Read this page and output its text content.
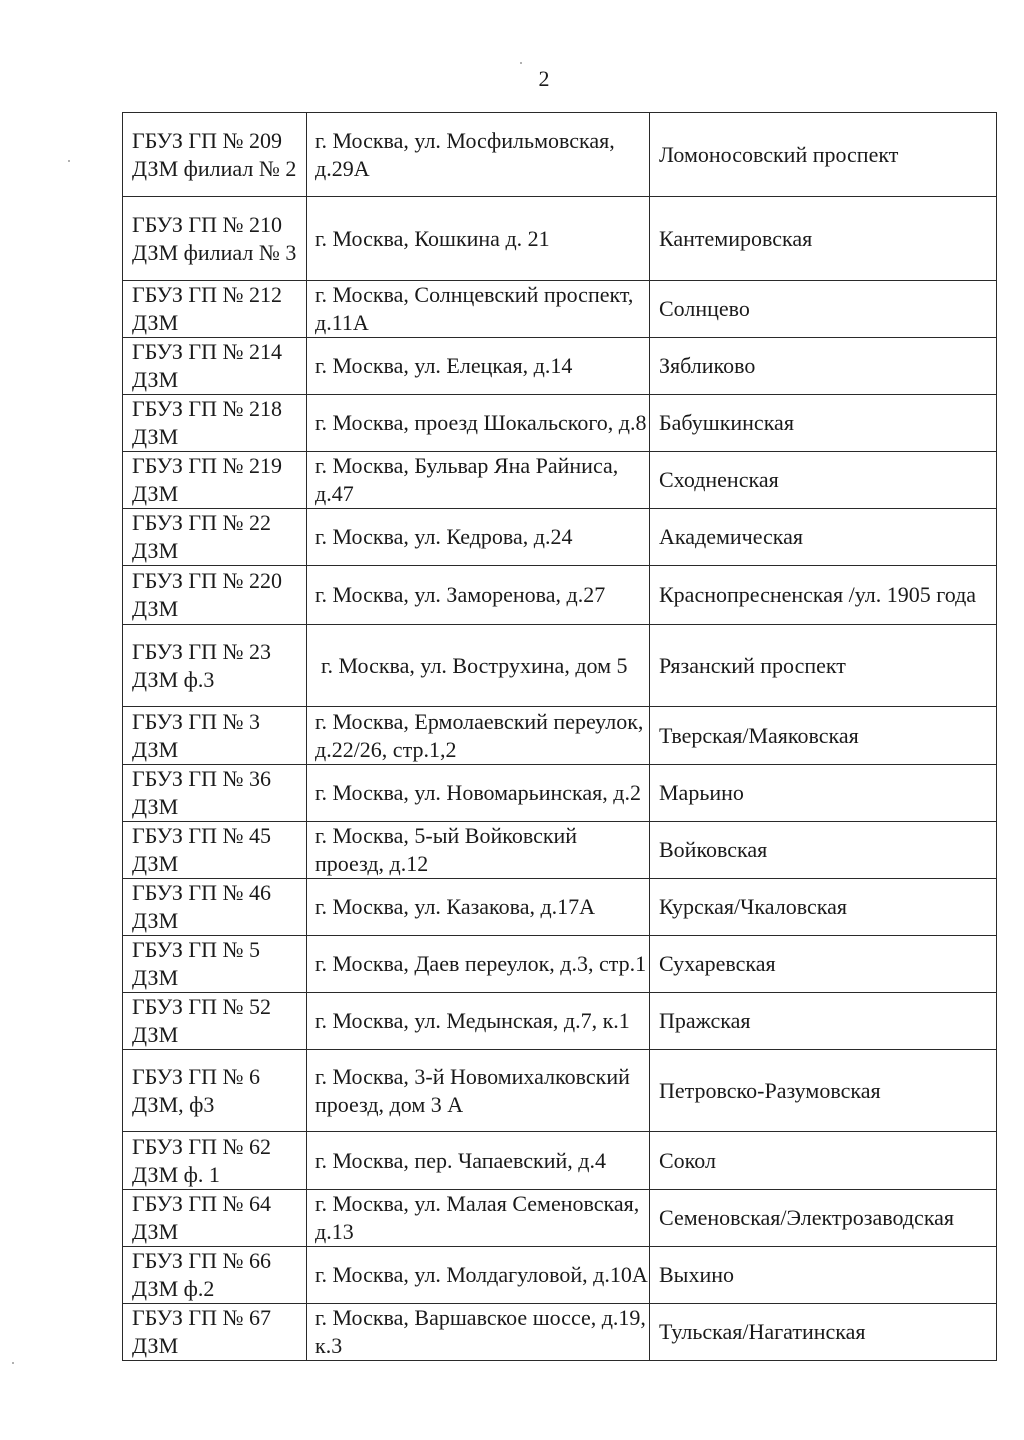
2
ГБУЗ ГП № 209 ДЗМ филиал № 2	г. Москва, ул. Мосфильмовская, д.29А	Ломоносовский проспект
ГБУЗ ГП № 210 ДЗМ филиал № 3	г. Москва, Кошкина д. 21	Кантемировская
ГБУЗ ГП № 212 ДЗМ	г. Москва, Солнцевский проспект, д.11А	Солнцево
ГБУЗ ГП № 214 ДЗМ	г. Москва, ул. Елецкая, д.14	Зябликово
ГБУЗ ГП № 218 ДЗМ	г. Москва, проезд Шокальского, д.8	Бабушкинская
ГБУЗ ГП № 219 ДЗМ	г. Москва, Бульвар Яна Райниса, д.47	Сходненская
ГБУЗ ГП № 22 ДЗМ	г. Москва, ул. Кедрова, д.24	Академическая
ГБУЗ ГП № 220 ДЗМ	г. Москва, ул. Заморенова, д.27	Краснопресненская /ул. 1905 года
ГБУЗ ГП № 23 ДЗМ ф.3	г. Москва, ул. Вострухина, дом 5	Рязанский проспект
ГБУЗ ГП № 3 ДЗМ	г. Москва, Ермолаевский переулок, д.22/26, стр.1,2	Тверская/Маяковская
ГБУЗ ГП № 36 ДЗМ	г. Москва, ул. Новомарьинская, д.2	Марьино
ГБУЗ ГП № 45 ДЗМ	г. Москва, 5-ый Войковский проезд, д.12	Войковская
ГБУЗ ГП № 46 ДЗМ	г. Москва, ул. Казакова, д.17А	Курская/Чкаловская
ГБУЗ ГП № 5 ДЗМ	г. Москва, Даев переулок, д.3, стр.1	Сухаревская
ГБУЗ ГП № 52 ДЗМ	г. Москва, ул. Медынская, д.7, к.1	Пражская
ГБУЗ ГП № 6 ДЗМ, ф3	г. Москва, 3-й Новомихалковский проезд, дом 3 А	Петровско-Разумовская
ГБУЗ ГП № 62 ДЗМ ф. 1	г. Москва, пер. Чапаевский, д.4	Сокол
ГБУЗ ГП № 64 ДЗМ	г. Москва, ул. Малая Семеновская, д.13	Семеновская/Электрозаводская
ГБУЗ ГП № 66 ДЗМ ф.2	г. Москва, ул. Молдагуловой, д.10А	Выхино
ГБУЗ ГП № 67 ДЗМ	г. Москва, Варшавское шоссе, д.19, к.3	Тульская/Нагатинская
